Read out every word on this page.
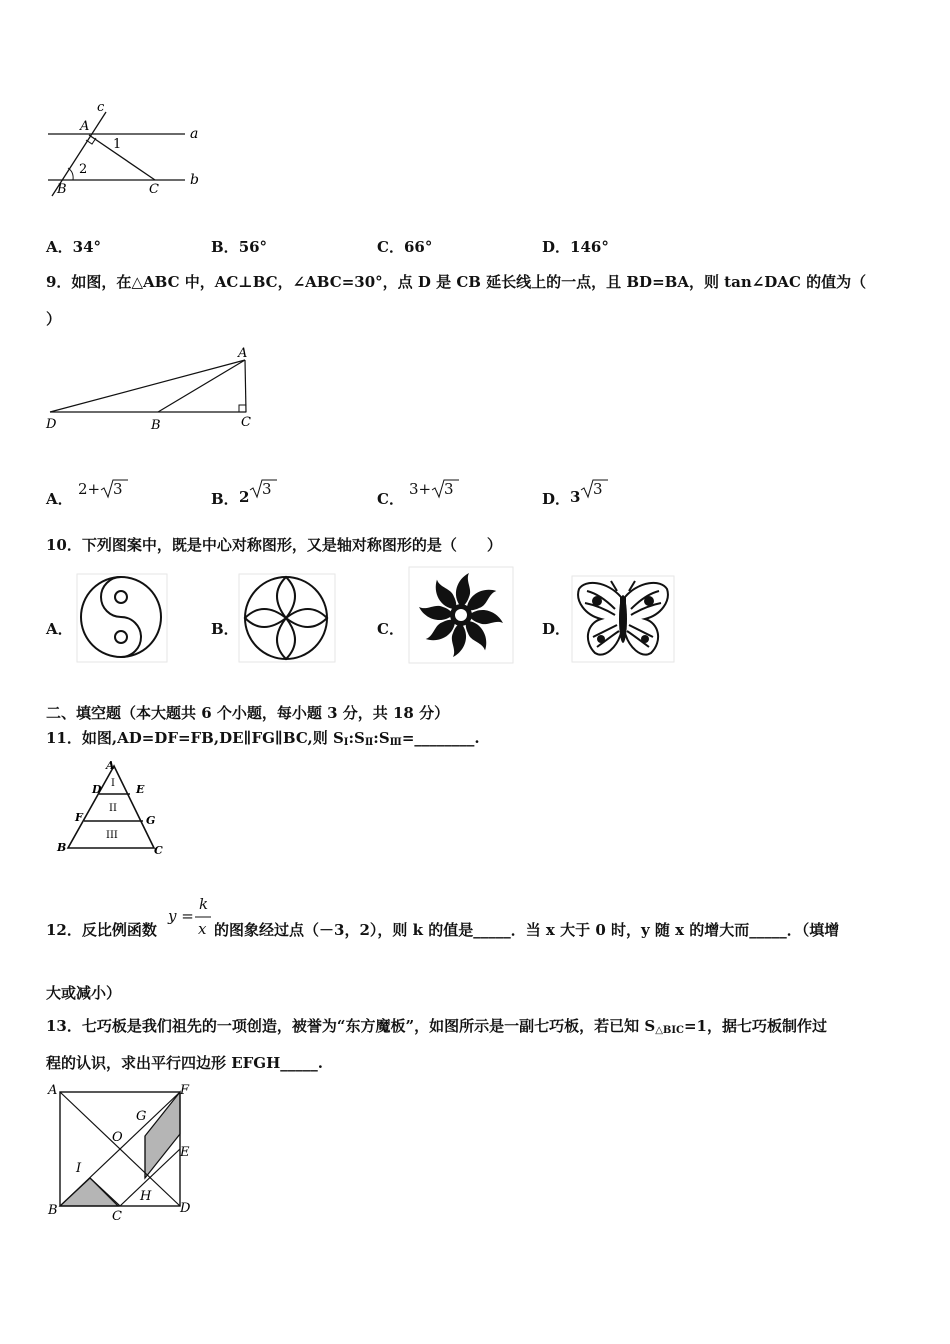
c
A
1
a
2
B	C
b
A．34°	B．56°	C．66°	D．146°
9．如图，在△ABC 中，AC⊥BC，∠ABC=30°，点 D 是 CB 延长线上的一点，且 BD=BA，则 tan∠DAC 的值为（
）
A
D	B	C
A．
2+ 3
B． 2 3
C．
3+ 3
D． 3 3
10．下列图案中，既是中心对称图形，又是轴对称图形的是（　　）
A．	B．	C．	D．
二、填空题（本大题共 6 个小题，每小题 3 分，共 18 分）
11．如图,AD=DF=FB,DE∥FG∥BC,则 $S_Ⅰ:S_Ⅱ:S_Ⅲ=\_\_\_\_\_\_\_\_$.
A
D	E
F	G
B	C
I
II
III
12．反比例函数
y =
k
x 的图象经过点（－3，2），则 k 的值是_____．当 x 大于 0 时，y 随 x 的增大而_____．（填增
大或减小）
13．七巧板是我们祖先的一项创造，被誉为“东方魔板”，如图所示是一副七巧板，若已知 $S_{\triangle BIC}=1$，据七巧板制作过
程的认识，求出平行四边形 EFGH_____.
A	F
G
O
E
I
H
B	C
D
